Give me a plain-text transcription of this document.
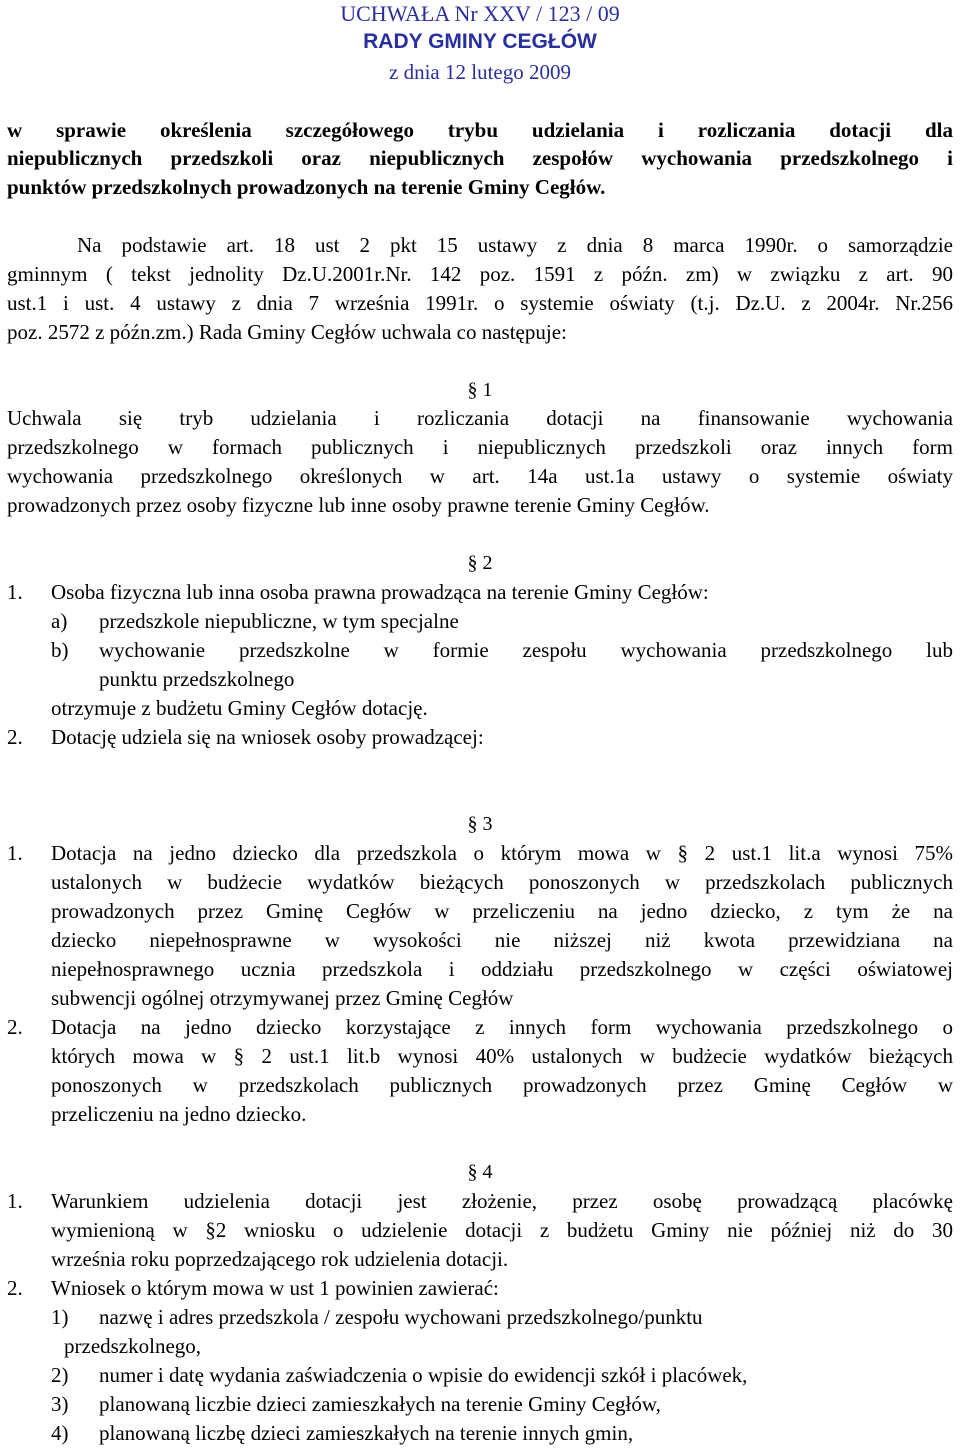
UCHWAŁA Nr XXV / 123 / 09
RADY GMINY CEGŁÓW
z dnia 12 lutego 2009
w sprawie określenia szczegółowego trybu udzielania i rozliczania dotacji dla
niepublicznych przedszkoli oraz niepublicznych zespołów wychowania przedszkolnego i
punktów przedszkolnych prowadzonych na terenie Gminy Cegłów.
Na podstawie art. 18 ust 2 pkt 15 ustawy z dnia 8 marca 1990r. o samorządzie
gminnym ( tekst jednolity Dz.U.2001r.Nr. 142 poz. 1591 z późn. zm) w związku z art. 90
ust.1 i ust. 4 ustawy z dnia 7 września 1991r. o systemie oświaty (t.j. Dz.U. z 2004r. Nr.256
poz. 2572 z późn.zm.) Rada Gminy Cegłów uchwala co następuje:
§ 1
Uchwala się tryb udzielania i rozliczania dotacji na finansowanie wychowania
przedszkolnego w formach publicznych i niepublicznych przedszkoli oraz innych form
wychowania przedszkolnego określonych w art. 14a ust.1a ustawy o systemie oświaty
prowadzonych przez osoby fizyczne lub inne osoby prawne terenie Gminy Cegłów.
§ 2
1.	Osoba fizyczna lub inna osoba prawna prowadząca na terenie Gminy Cegłów:
a)	przedszkole niepubliczne, w tym specjalne
b)	wychowanie przedszkolne w formie zespołu wychowania przedszkolnego lub
punktu przedszkolnego
otrzymuje z budżetu Gminy Cegłów dotację.
2.	Dotację udziela się na wniosek osoby prowadzącej:
§ 3
1.	Dotacja na jedno dziecko dla przedszkola o którym mowa w § 2 ust.1 lit.a wynosi 75%
ustalonych w budżecie wydatków bieżących ponoszonych w przedszkolach publicznych
prowadzonych przez Gminę Cegłów w przeliczeniu na jedno dziecko, z tym że na
dziecko niepełnosprawne w wysokości nie niższej niż kwota przewidziana na
niepełnosprawnego ucznia przedszkola i oddziału przedszkolnego w części oświatowej
subwencji ogólnej otrzymywanej przez Gminę Cegłów
2.	Dotacja na jedno dziecko korzystające z innych form wychowania przedszkolnego o
których mowa w § 2 ust.1 lit.b wynosi 40% ustalonych w budżecie wydatków bieżących
ponoszonych w przedszkolach publicznych prowadzonych przez Gminę Cegłów w
przeliczeniu na jedno dziecko.
§ 4
1.	Warunkiem udzielenia dotacji jest złożenie, przez osobę prowadzącą placówkę
wymienioną w §2 wniosku o udzielenie dotacji z budżetu Gminy nie później niż do 30
września roku poprzedzającego rok udzielenia dotacji.
2.	Wniosek o którym mowa w ust 1 powinien zawierać:
1)	nazwę i adres przedszkola / zespołu wychowani przedszkolnego/punktu
przedszkolnego,
2)	numer i datę wydania zaświadczenia o wpisie do ewidencji szkół i placówek,
3)	planowaną liczbie dzieci zamieszkałych na terenie Gminy Cegłów,
4)	planowaną liczbę dzieci zamieszkałych na terenie innych gmin,
